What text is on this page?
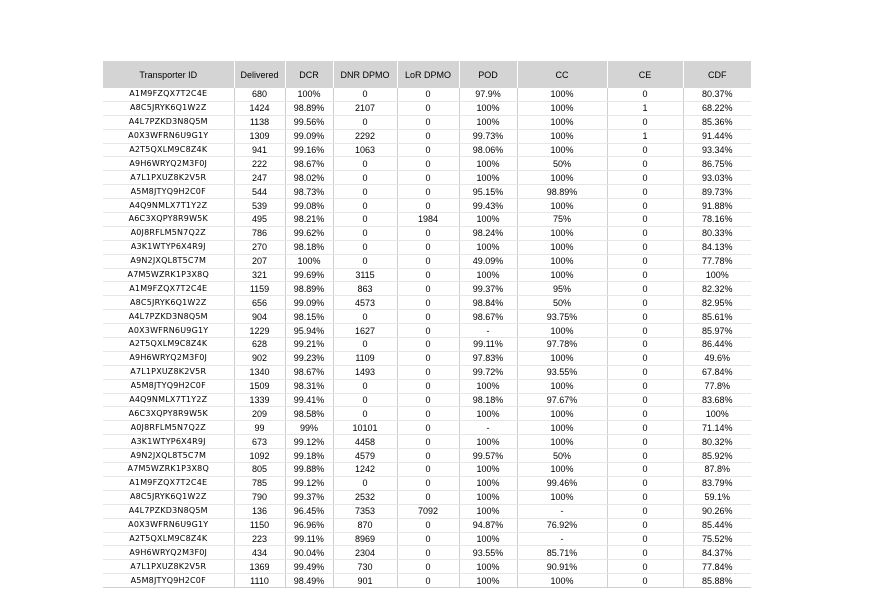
Transporter ID	Delivered	DCR	DNR DPMO	LoR DPMO	POD	CC	CE	CDF
A1M9FZQX7T2C4E	680	100%	0	0	97.9%	100%	0	80.37%
A8C5JRYK6Q1W2Z	1424	98.89%	2107	0	100%	100%	1	68.22%
A4L7PZKD3N8Q5M	1138	99.56%	0	0	100%	100%	0	85.36%
A0X3WFRN6U9G1Y	1309	99.09%	2292	0	99.73%	100%	1	91.44%
A2T5QXLM9C8Z4K	941	99.16%	1063	0	98.06%	100%	0	93.34%
A9H6WRYQ2M3F0J	222	98.67%	0	0	100%	50%	0	86.75%
A7L1PXUZ8K2V5R	247	98.02%	0	0	100%	100%	0	93.03%
A5M8JTYQ9H2C0F	544	98.73%	0	0	95.15%	98.89%	0	89.73%
A4Q9NMLX7T1Y2Z	539	99.08%	0	0	99.43%	100%	0	91.88%
A6C3XQPY8R9W5K	495	98.21%	0	1984	100%	75%	0	78.16%
A0J8RFLM5N7Q2Z	786	99.62%	0	0	98.24%	100%	0	80.33%
A3K1WTYP6X4R9J	270	98.18%	0	0	100%	100%	0	84.13%
A9N2JXQL8T5C7M	207	100%	0	0	49.09%	100%	0	77.78%
A7M5WZRK1P3X8Q	321	99.69%	3115	0	100%	100%	0	100%
A1M9FZQX7T2C4E	1159	98.89%	863	0	99.37%	95%	0	82.32%
A8C5JRYK6Q1W2Z	656	99.09%	4573	0	98.84%	50%	0	82.95%
A4L7PZKD3N8Q5M	904	98.15%	0	0	98.67%	93.75%	0	85.61%
A0X3WFRN6U9G1Y	1229	95.94%	1627	0	-	100%	0	85.97%
A2T5QXLM9C8Z4K	628	99.21%	0	0	99.11%	97.78%	0	86.44%
A9H6WRYQ2M3F0J	902	99.23%	1109	0	97.83%	100%	0	49.6%
A7L1PXUZ8K2V5R	1340	98.67%	1493	0	99.72%	93.55%	0	67.84%
A5M8JTYQ9H2C0F	1509	98.31%	0	0	100%	100%	0	77.8%
A4Q9NMLX7T1Y2Z	1339	99.41%	0	0	98.18%	97.67%	0	83.68%
A6C3XQPY8R9W5K	209	98.58%	0	0	100%	100%	0	100%
A0J8RFLM5N7Q2Z	99	99%	10101	0	-	100%	0	71.14%
A3K1WTYP6X4R9J	673	99.12%	4458	0	100%	100%	0	80.32%
A9N2JXQL8T5C7M	1092	99.18%	4579	0	99.57%	50%	0	85.92%
A7M5WZRK1P3X8Q	805	99.88%	1242	0	100%	100%	0	87.8%
A1M9FZQX7T2C4E	785	99.12%	0	0	100%	99.46%	0	83.79%
A8C5JRYK6Q1W2Z	790	99.37%	2532	0	100%	100%	0	59.1%
A4L7PZKD3N8Q5M	136	96.45%	7353	7092	100%	-	0	90.26%
A0X3WFRN6U9G1Y	1150	96.96%	870	0	94.87%	76.92%	0	85.44%
A2T5QXLM9C8Z4K	223	99.11%	8969	0	100%	-	0	75.52%
A9H6WRYQ2M3F0J	434	90.04%	2304	0	93.55%	85.71%	0	84.37%
A7L1PXUZ8K2V5R	1369	99.49%	730	0	100%	90.91%	0	77.84%
A5M8JTYQ9H2C0F	1110	98.49%	901	0	100%	100%	0	85.88%
